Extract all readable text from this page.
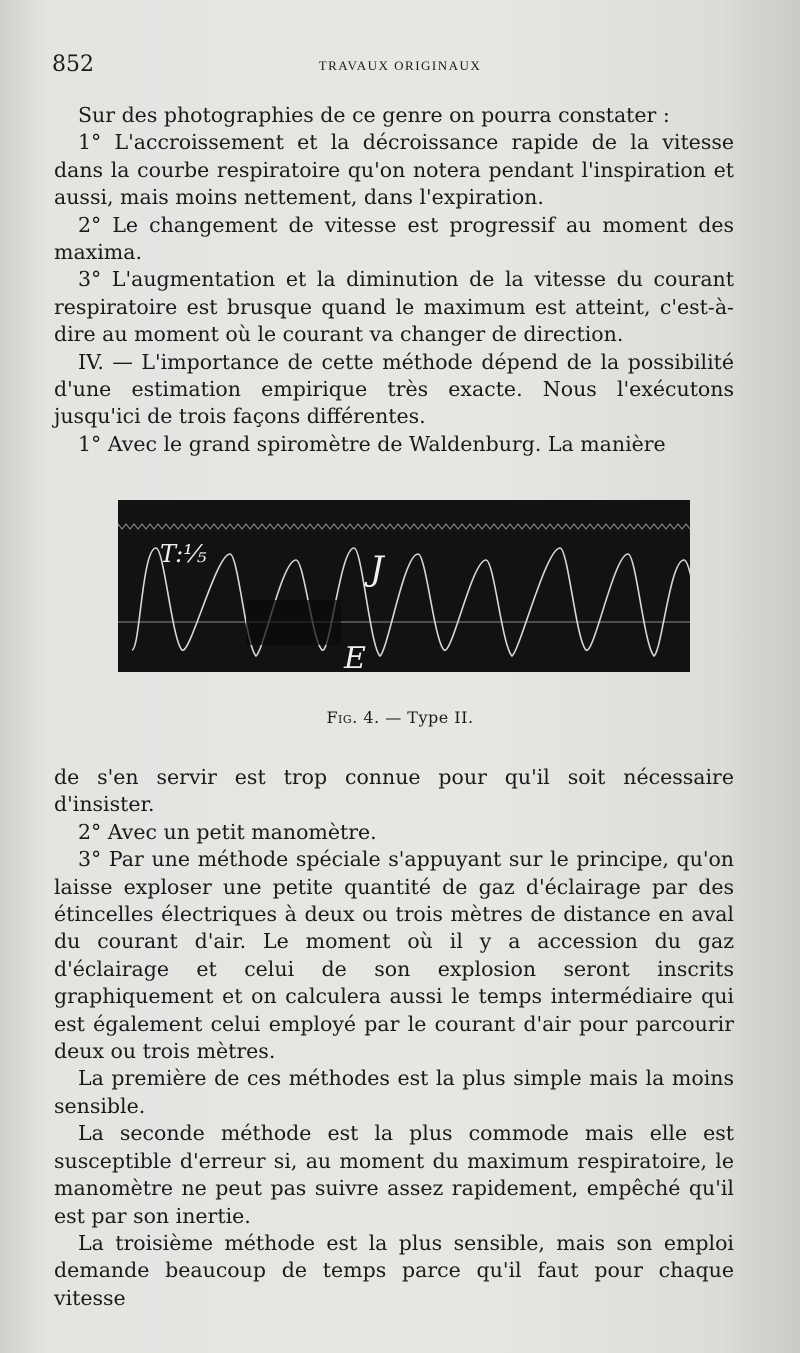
852	TRAVAUX ORIGINAUX

Sur des photographies de ce genre on pourra constater :

1° L'accroissement et la décroissance rapide de la vitesse dans la courbe respiratoire qu'on notera pendant l'inspiration et aussi, mais moins nettement, dans l'expiration.

2° Le changement de vitesse est progressif au moment des maxima.

3° L'augmentation et la diminution de la vitesse du courant respiratoire est brusque quand le maximum est atteint, c'est-à-dire au moment où le courant va changer de direction.

IV. — L'importance de cette méthode dépend de la possibilité d'une estimation empirique très exacte. Nous l'exécutons jusqu'ici de trois façons différentes.

1° Avec le grand spiromètre de Waldenburg. La manière

T:⅕	J
E
Fig. 4. — Type II.

de s'en servir est trop connue pour qu'il soit nécessaire d'insister.

2° Avec un petit manomètre.

3° Par une méthode spéciale s'appuyant sur le principe, qu'on laisse exploser une petite quantité de gaz d'éclairage par des étincelles électriques à deux ou trois mètres de distance en aval du courant d'air. Le moment où il y a accession du gaz d'éclairage et celui de son explosion seront inscrits graphiquement et on calculera aussi le temps intermédiaire qui est également celui employé par le courant d'air pour parcourir deux ou trois mètres.

La première de ces méthodes est la plus simple mais la moins sensible.

La seconde méthode est la plus commode mais elle est susceptible d'erreur si, au moment du maximum respiratoire, le manomètre ne peut pas suivre assez rapidement, empêché qu'il est par son inertie.

La troisième méthode est la plus sensible, mais son emploi demande beaucoup de temps parce qu'il faut pour chaque vitesse
